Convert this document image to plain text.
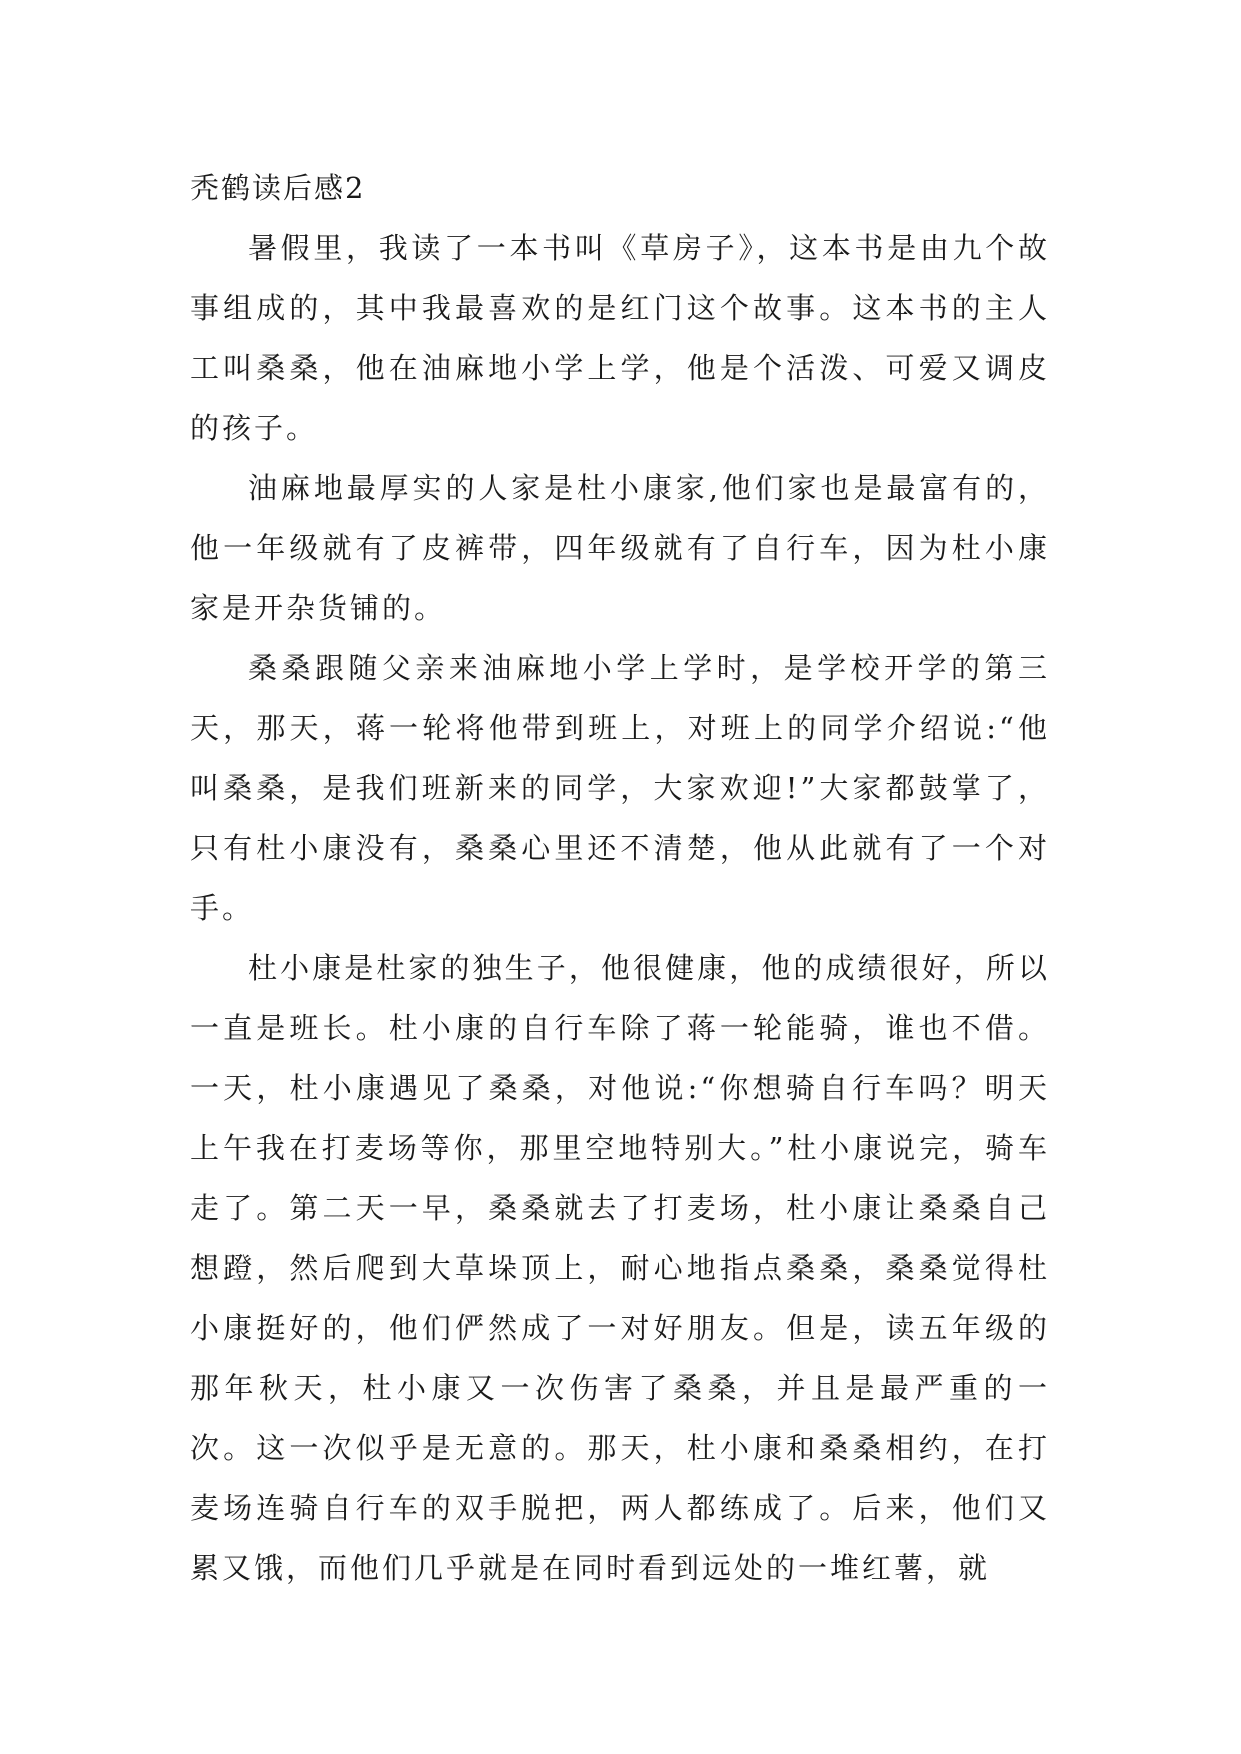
秃鹤读后感2

暑假里，我读了一本书叫《草房子》，这本书是由九个故事组成的，其中我最喜欢的是红门这个故事。这本书的主人工叫桑桑，他在油麻地小学上学，他是个活泼、可爱又调皮的孩子。

油麻地最厚实的人家是杜小康家,他们家也是最富有的，他一年级就有了皮裤带，四年级就有了自行车，因为杜小康家是开杂货铺的。

桑桑跟随父亲来油麻地小学上学时，是学校开学的第三天，那天，蒋一轮将他带到班上，对班上的同学介绍说:“他叫桑桑，是我们班新来的同学，大家欢迎!”大家都鼓掌了，只有杜小康没有，桑桑心里还不清楚，他从此就有了一个对手。

杜小康是杜家的独生子，他很健康，他的成绩很好，所以一直是班长。杜小康的自行车除了蒋一轮能骑，谁也不借。一天，杜小康遇见了桑桑，对他说:“你想骑自行车吗？明天上午我在打麦场等你，那里空地特别大。”杜小康说完，骑车走了。第二天一早，桑桑就去了打麦场，杜小康让桑桑自己想蹬，然后爬到大草垛顶上，耐心地指点桑桑，桑桑觉得杜小康挺好的，他们俨然成了一对好朋友。但是，读五年级的那年秋天，杜小康又一次伤害了桑桑，并且是最严重的一次。这一次似乎是无意的。那天，杜小康和桑桑相约，在打麦场连骑自行车的双手脱把，两人都练成了。后来，他们又累又饿，而他们几乎就是在同时看到远处的一堆红薯，就
